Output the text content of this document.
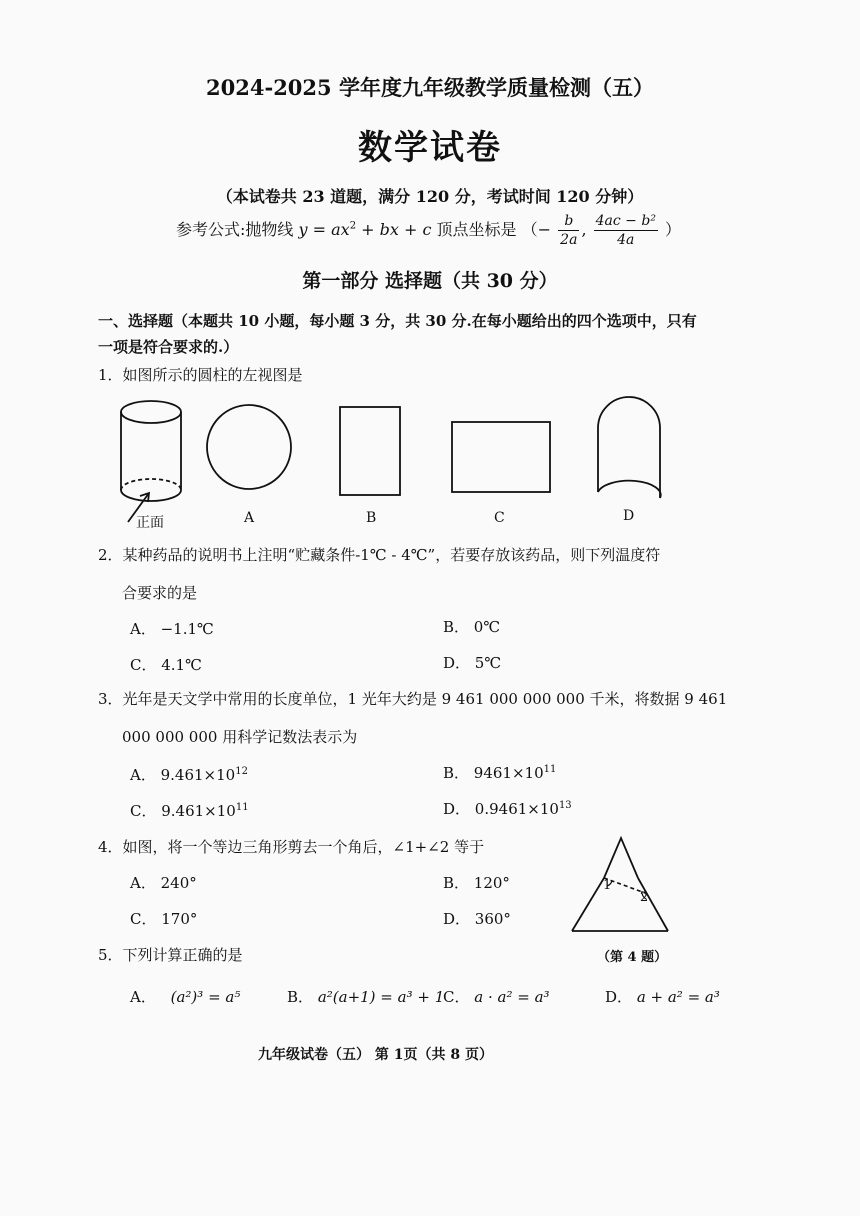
2024-2025 学年度九年级教学质量检测（五）
数学试卷
（本试卷共 23 道题，满分 120 分，考试时间 120 分钟）
参考公式:抛物线 $y = ax^2$ + bx + c 顶点坐标是 （− $\frac{b}{2a}$ , $\frac{\text{4ac − b²}}{4a}$ ）
第一部分 选择题（共 30 分）
一、选择题（本题共 10 小题，每小题 3 分，共 30 分.在每小题给出的四个选项中，只有
一项是符合要求的.）
1．如图所示的圆柱的左视图是
正面	A	B	C	D
2．某种药品的说明书上注明“贮藏条件-1℃ - 4℃”，若要存放该药品，则下列温度符
合要求的是
A． −1.1℃	B． 0℃
C． 4.1℃	D． 5℃
3．光年是天文学中常用的长度单位，1 光年大约是 9 461 000 000 000 千米，将数据 9 461
000 000 000 用科学记数法表示为
A． $9.461\times 10^{12}$	B． $9461\times 10^{11}$
C． $9.461\times 10^{11}$	D． $0.9461\times 10^{13}$
4．如图，将一个等边三角形剪去一个角后，∠1+∠2 等于
A． 240°	B． 120°
C． 170°	D． 360°
1
2
（第 4 题）
5．下列计算正确的是
A． (a²)³ = a⁵	B． a²(a+1) = a³ + 1
C． a · a² = a³	D． a + a² = a³
九年级试卷（五） 第 1页（共 8 页）
